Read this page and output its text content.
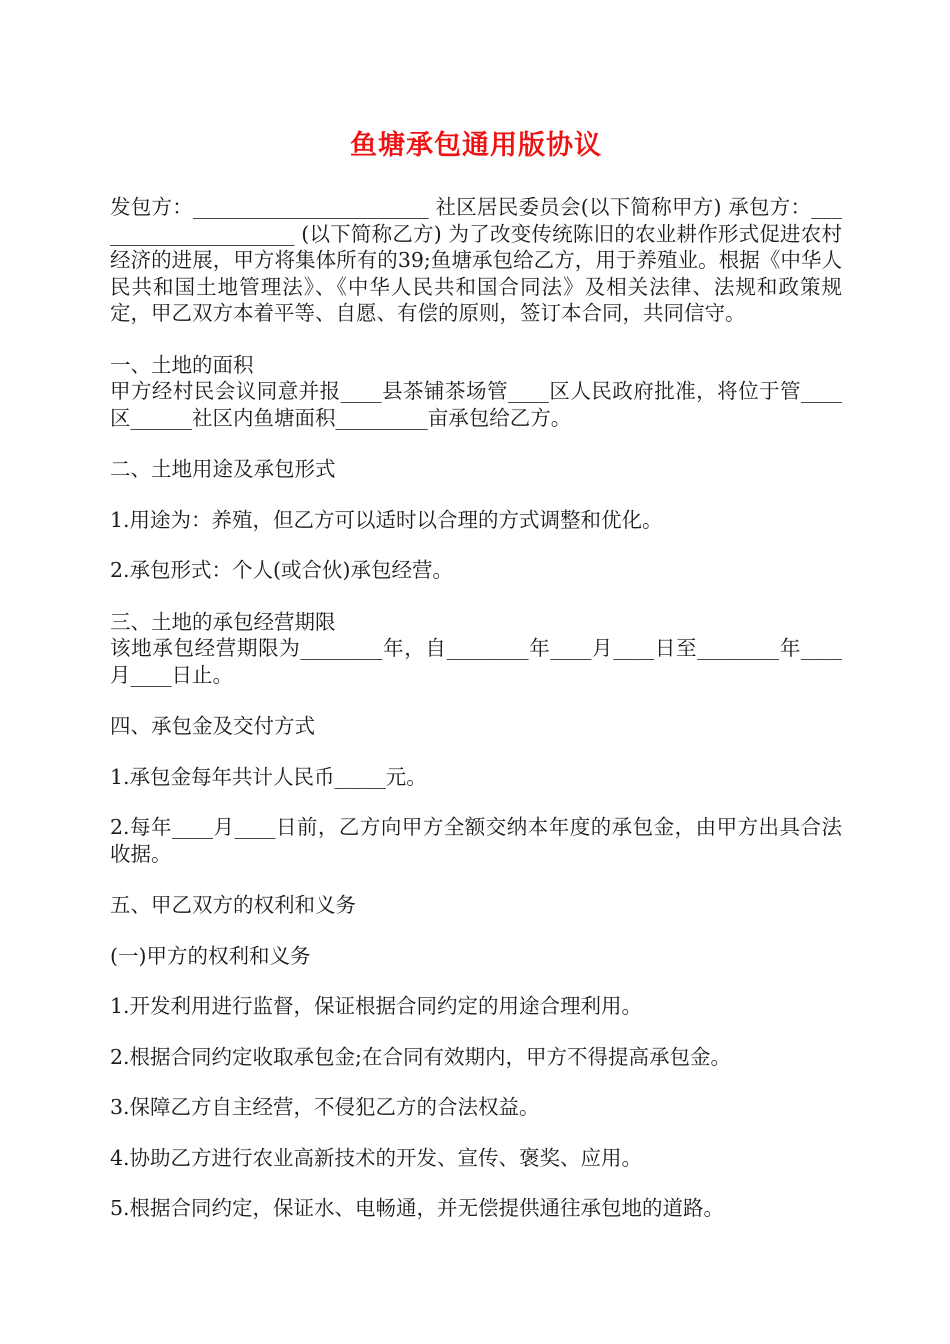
鱼塘承包通用版协议

发包方：_______________________ 社区居民委员会(以下简称甲方) 承包方：_____________________ (以下简称乙方) 为了改变传统陈旧的农业耕作形式促进农村经济的进展，甲方将集体所有的39;鱼塘承包给乙方，用于养殖业。根据《中华人民共和国土地管理法》、《中华人民共和国合同法》及相关法律、法规和政策规定，甲乙双方本着平等、自愿、有偿的原则，签订本合同，共同信守。

一、土地的面积

甲方经村民会议同意并报____县茶铺茶场管____区人民政府批准，将位于管____区______社区内鱼塘面积_________亩承包给乙方。

二、土地用途及承包形式

1.用途为：养殖，但乙方可以适时以合理的方式调整和优化。

2.承包形式：个人(或合伙)承包经营。

三、土地的承包经营期限

该地承包经营期限为________年，自________年____月____日至________年____月____日止。

四、承包金及交付方式

1.承包金每年共计人民币_____元。

2.每年____月____日前，乙方向甲方全额交纳本年度的承包金，由甲方出具合法收据。

五、甲乙双方的权利和义务

(一)甲方的权利和义务

1.开发利用进行监督，保证根据合同约定的用途合理利用。

2.根据合同约定收取承包金;在合同有效期内，甲方不得提高承包金。

3.保障乙方自主经营，不侵犯乙方的合法权益。

4.协助乙方进行农业高新技术的开发、宣传、褒奖、应用。

5.根据合同约定，保证水、电畅通，并无偿提供通往承包地的道路。
